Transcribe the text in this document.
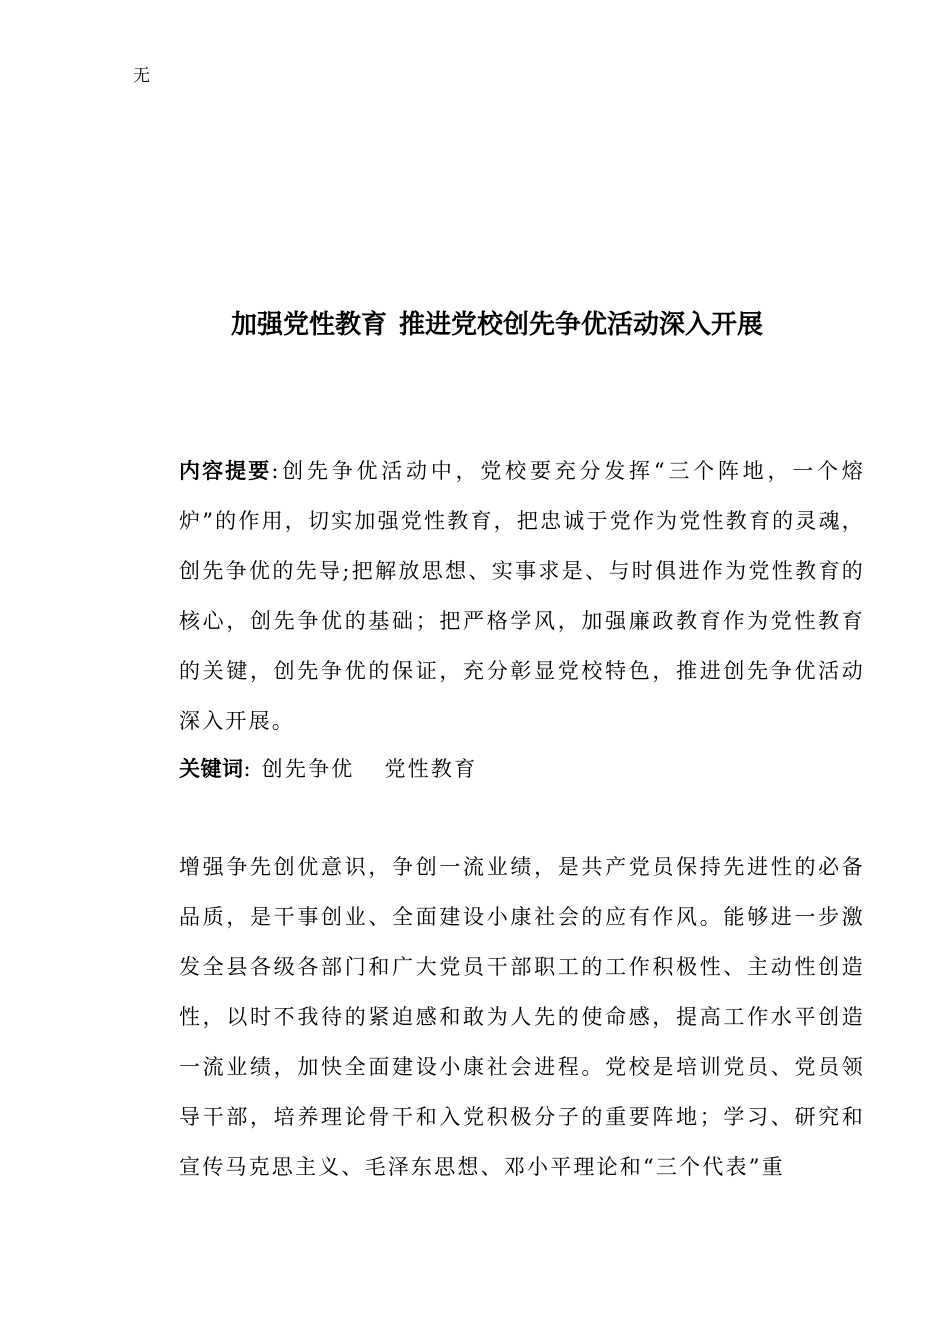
无
加强党性教育 推进党校创先争优活动深入开展
内容提要:创先争优活动中，党校要充分发挥“三个阵地，一个熔炉”的作用，切实加强党性教育，把忠诚于党作为党性教育的灵魂，创先争优的先导;把解放思想、实事求是、与时俱进作为党性教育的核心，创先争优的基础；把严格学风，加强廉政教育作为党性教育的关键，创先争优的保证，充分彰显党校特色，推进创先争优活动深入开展。
关键词: 创先争优 党性教育
增强争先创优意识，争创一流业绩，是共产党员保持先进性的必备品质，是干事创业、全面建设小康社会的应有作风。能够进一步激发全县各级各部门和广大党员干部职工的工作积极性、主动性创造性，以时不我待的紧迫感和敢为人先的使命感，提高工作水平创造一流业绩，加快全面建设小康社会进程。党校是培训党员、党员领导干部，培养理论骨干和入党积极分子的重要阵地；学习、研究和宣传马克思主义、毛泽东思想、邓小平理论和“三个代表”重
